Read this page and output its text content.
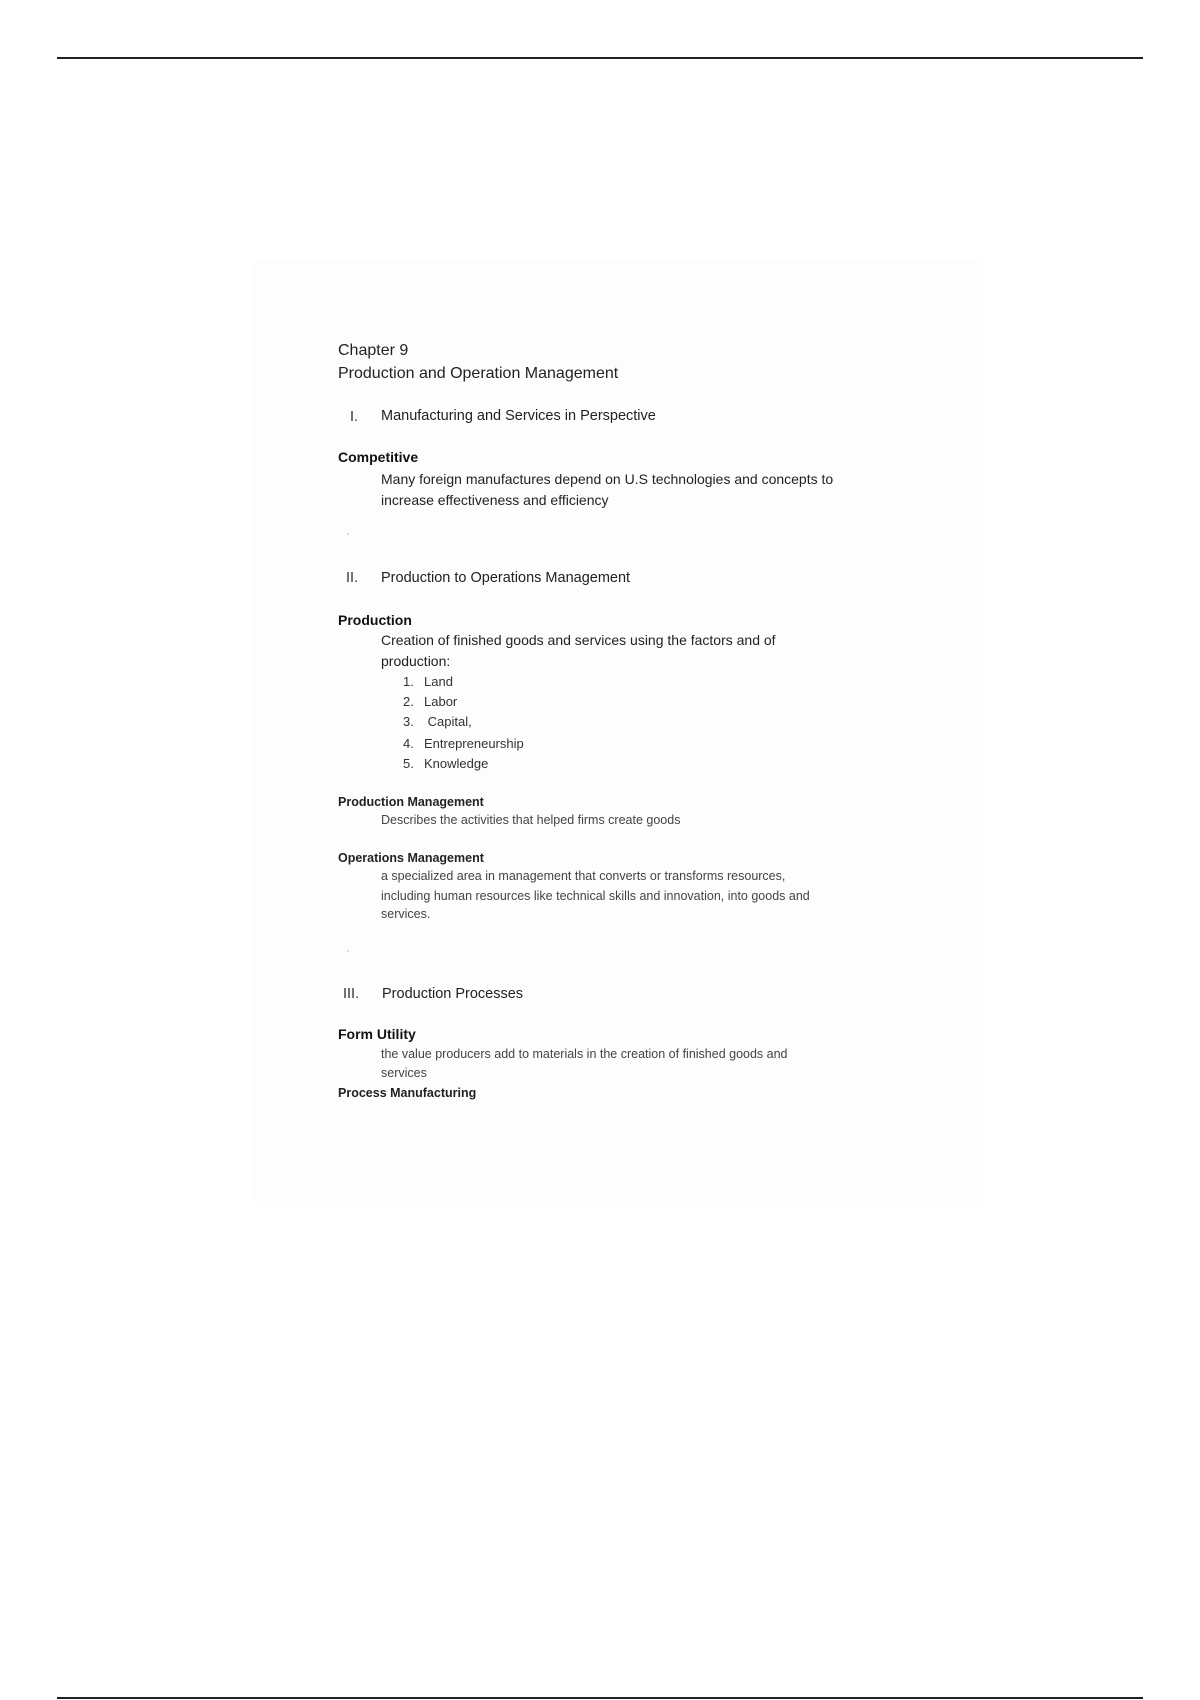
Chapter 9
Production and Operation Management
I. Manufacturing and Services in Perspective
Competitive
Many foreign manufactures depend on U.S technologies and concepts to
increase effectiveness and efficiency
II. Production to Operations Management
Production
Creation of finished goods and services using the factors and of
production:
1. Land
2. Labor
3. Capital,
4. Entrepreneurship
5. Knowledge
Production Management
Describes the activities that helped firms create goods
Operations Management
a specialized area in management that converts or transforms resources,
including human resources like technical skills and innovation, into goods and
services.
III. Production Processes
Form Utility
the value producers add to materials in the creation of finished goods and
services
Process Manufacturing
